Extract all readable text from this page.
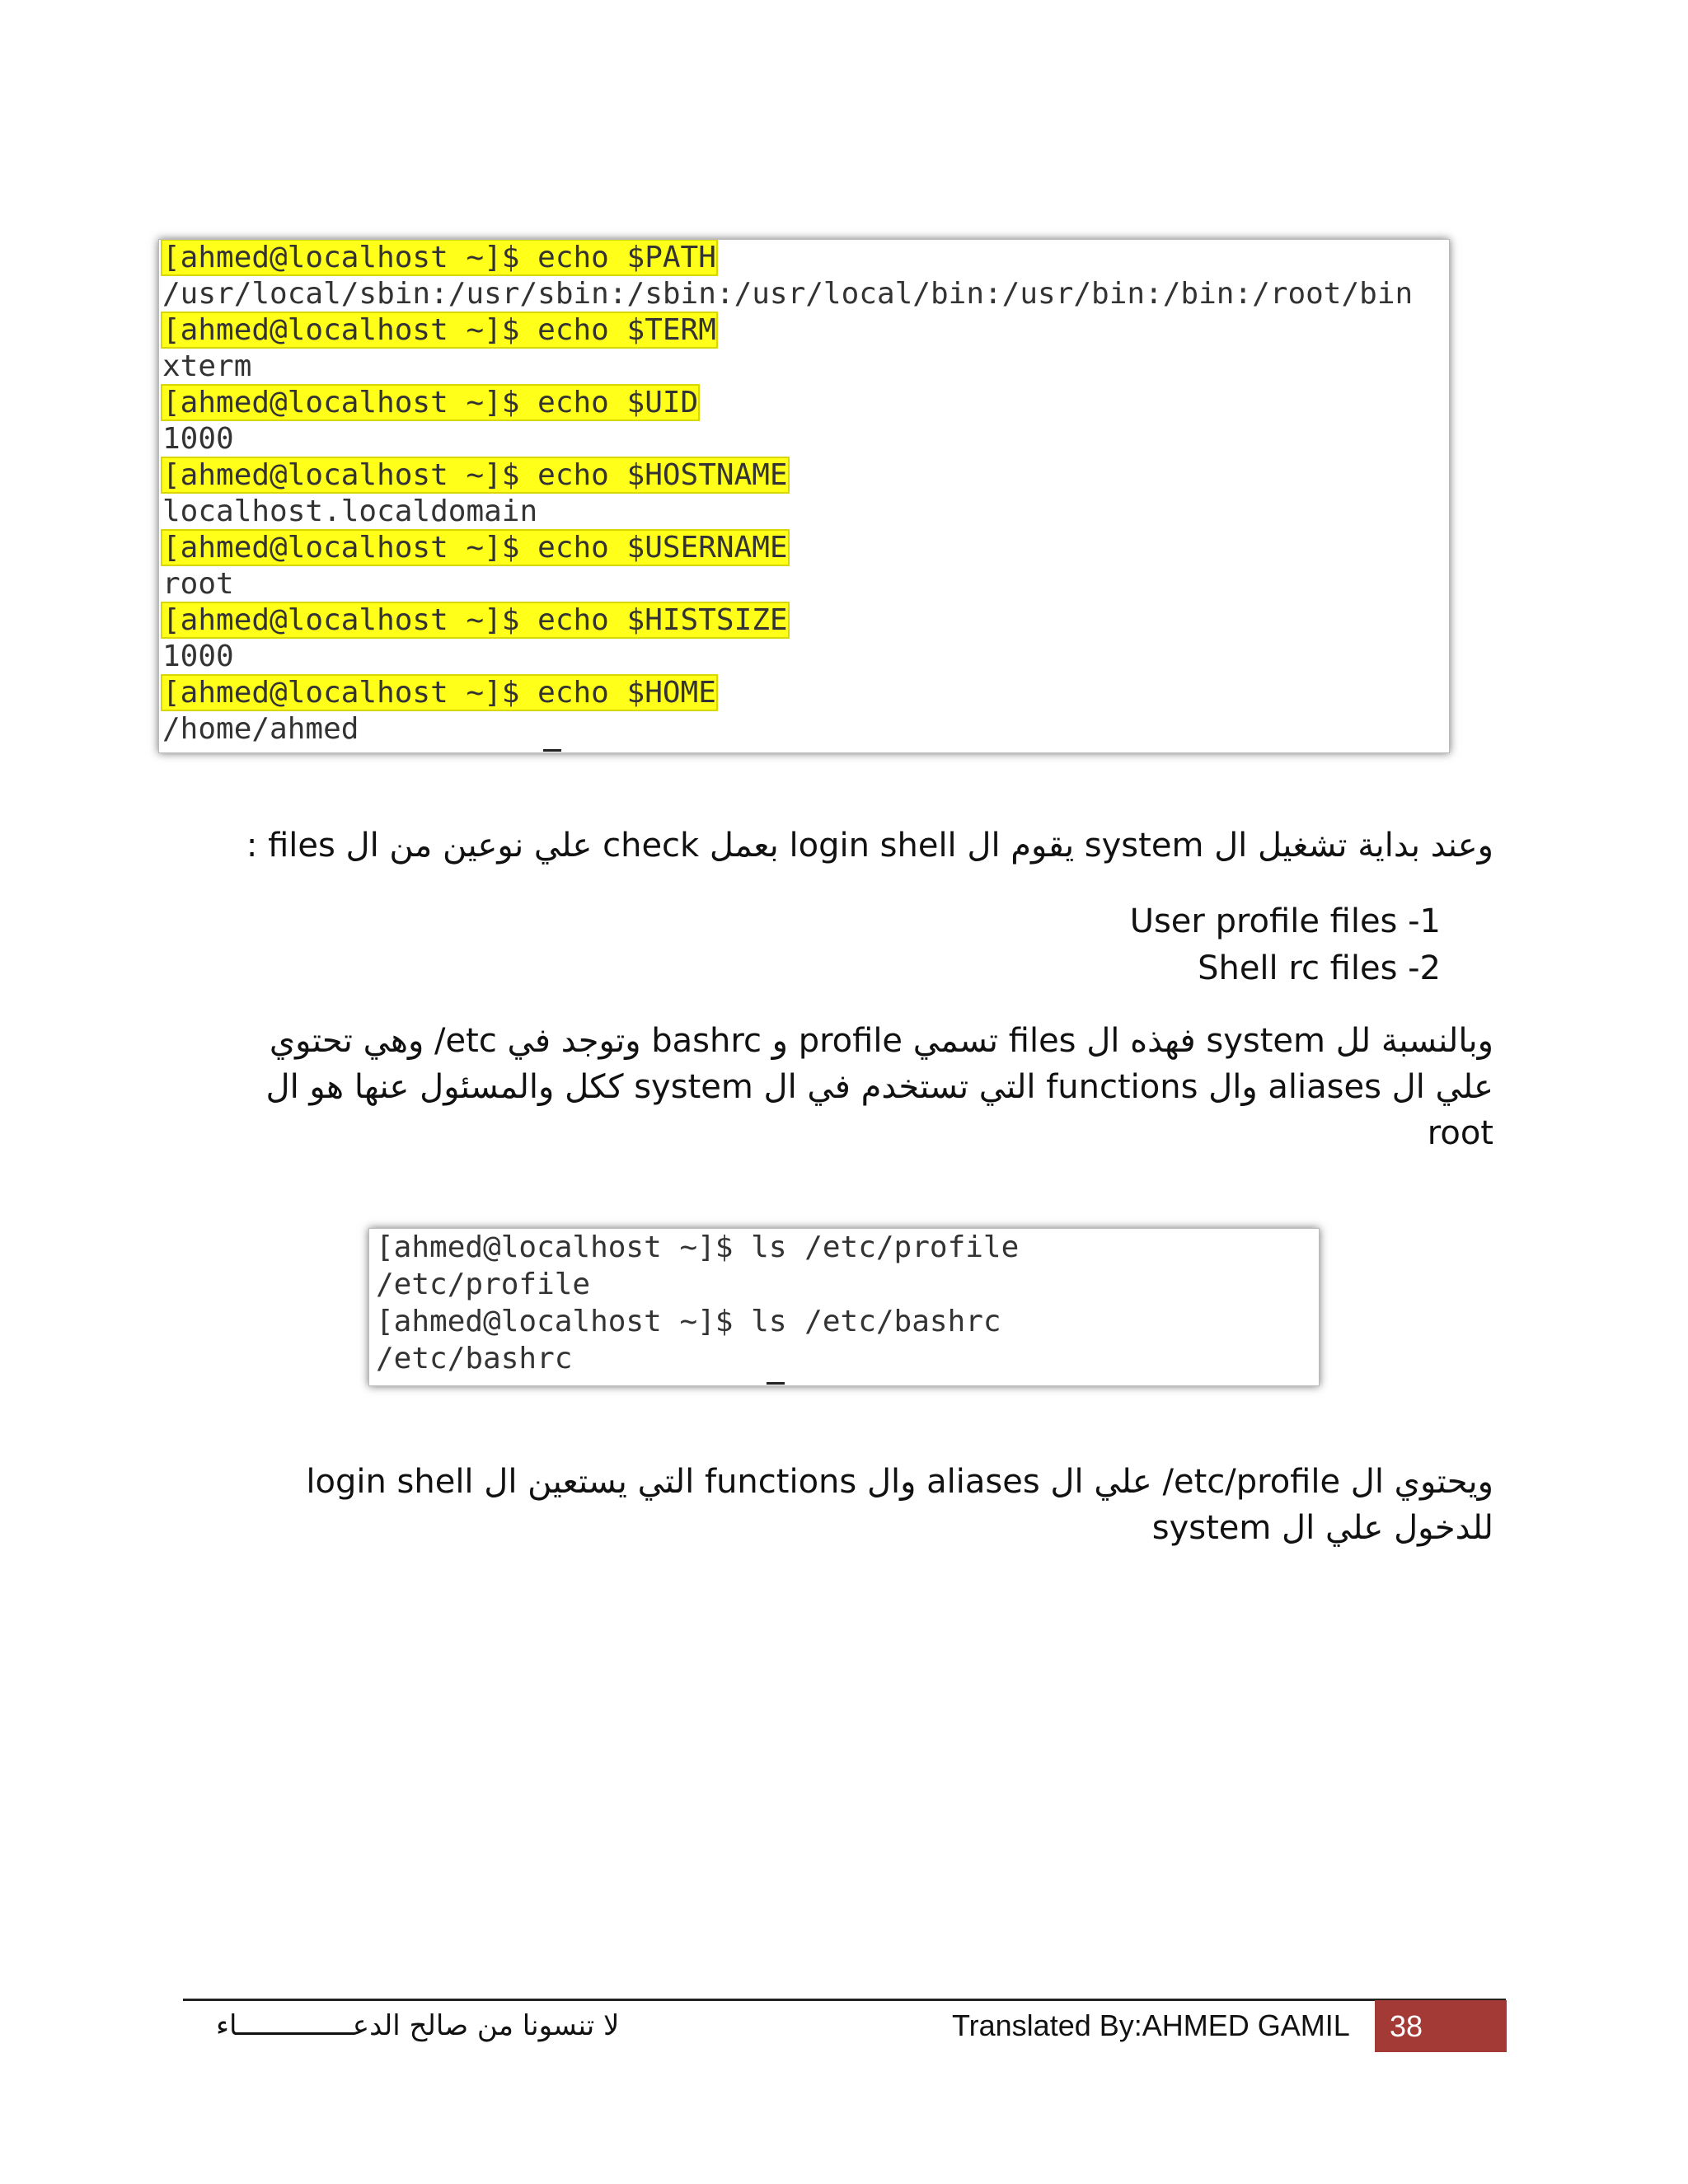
[ahmed@localhost ~]$ echo $PATH
/usr/local/sbin:/usr/sbin:/sbin:/usr/local/bin:/usr/bin:/bin:/root/bin
[ahmed@localhost ~]$ echo $TERM
xterm
[ahmed@localhost ~]$ echo $UID
1000
[ahmed@localhost ~]$ echo $HOSTNAME
localhost.localdomain
[ahmed@localhost ~]$ echo $USERNAME
root
[ahmed@localhost ~]$ echo $HISTSIZE
1000
[ahmed@localhost ~]$ echo $HOME
/home/ahmed
وعند بداية تشغيل ال system يقوم ال login shell بعمل check علي نوعين من ال files :
User profile files -1
Shell rc files -2
وبالنسبة لل system فهذه ال files تسمي profile و bashrc وتوجد في etc/ وهي تحتوي
علي ال aliases وال functions التي تستخدم في ال system ككل والمسئول عنها هو ال
root
[ahmed@localhost ~]$ ls /etc/profile
/etc/profile
[ahmed@localhost ~]$ ls /etc/bashrc
/etc/bashrc
ويحتوي ال etc/profile/ علي ال aliases وال functions التي يستعين ال login shell
للدخول علي ال system
لا تنسونا من صالح الدعــــــــــــــاء	Translated By:AHMED GAMIL	38
